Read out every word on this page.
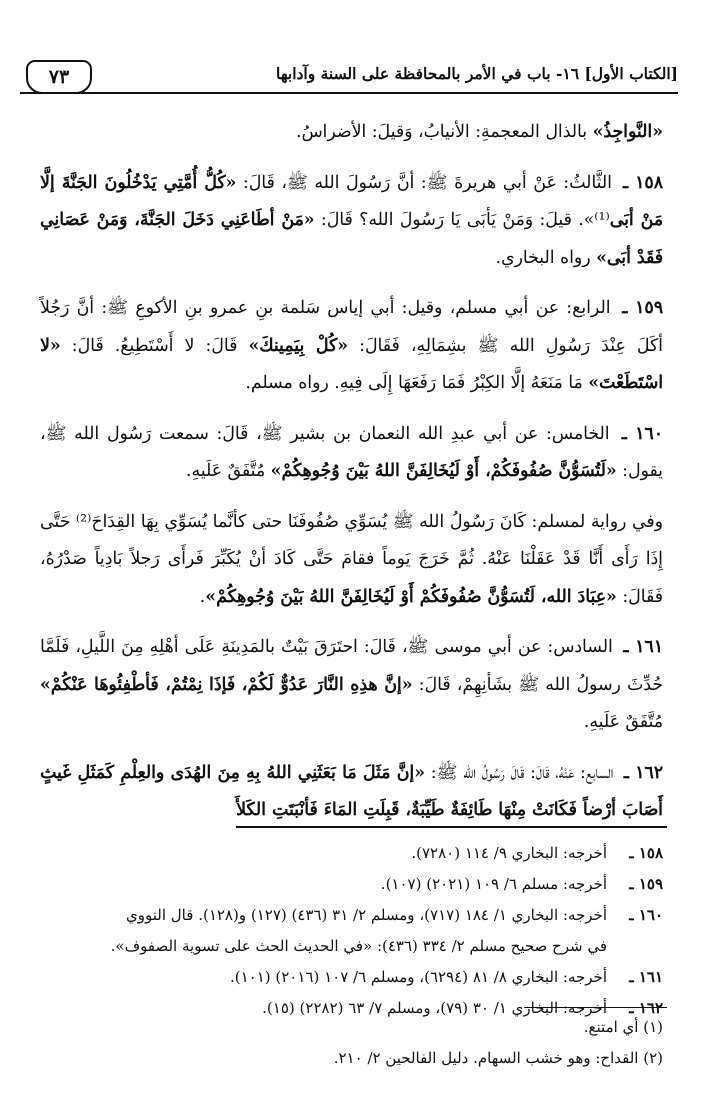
[الكتاب الأول] ١٦- باب في الأمر بالمحافظة على السنة وآدابها
٧٣

«النَّواجِذُ» بالذال المعجمةِ: الأنيابُ، وَقيلَ: الأضراسُ.

١٥٨ ـ الثَّالثُ: عَنْ أبي هريرةَ ﷺ: أنَّ رَسُولَ الله ﷺ، قَالَ: «كُلُّ أُمَّتِي يَدْخُلُونَ الجَنَّةَ إلَّا مَنْ أبَى⁽¹⁾». قيلَ: وَمَنْ يَأبَى يَا رَسُولَ الله؟ قَالَ: «مَنْ أطَاعَنِي دَخَلَ الجَنَّةَ، وَمَنْ عَصَانِي فَقَدْ أبَى» رواه البخاري.

١٥٩ ـ الرابع: عن أبي مسلم، وقيل: أبي إياس سَلمة بنِ عمرو بنِ الأكوعِ ﷺ: أنَّ رَجُلاً أكَلَ عِنْدَ رَسُولِ الله ﷺ بشِمَالِهِ، فَقَالَ: «كُلْ بِيَمِينكَ» قَالَ: لا أَسْتَطِيعُ. قَالَ: «لا اسْتَطَعْتَ» مَا مَنَعَهُ إلَّا الكِبْرُ فَمَا رَفَعَهَا إِلَى فِيهِ. رواه مسلم.

١٦٠ ـ الخامس: عن أبي عبدِ الله النعمان بن بشير ﷺ، قَالَ: سمعت رَسُول الله ﷺ، يقول: «لَتُسَوُّنَّ صُفُوفَكُمْ، أَوْ لَيُخَالِفَنَّ اللهُ بَيْنَ وُجُوهِكُمْ» مُتَّفَقٌ عَلَيهِ.

وفي رواية لمسلم: كَانَ رَسُولُ الله ﷺ يُسَوِّي صُفُوفَنَا حتى كأنَّما يُسَوِّي بِهَا القِدَاحَ⁽²⁾ حَتَّى إِذَا رَأَى أَنَّا قَدْ عَقَلْنَا عَنْهُ. ثُمَّ خَرَجَ يَوماً فقامَ حَتَّى كَادَ أنْ يُكَبِّرَ فَرأَى رَجلاً بَادِياً صَدْرُهُ، فَقَالَ: «عِبَادَ الله، لَتُسَوُّنَّ صُفُوفَكُمْ أَوْ لَيُخَالِفَنَّ اللهُ بَيْنَ وُجُوهِكُمْ».

١٦١ ـ السادس: عن أبي موسى ﷺ، قَالَ: احتَرَقَ بَيْتٌ بالمَدِينَةِ عَلَى أهْلِهِ مِنَ اللَّيلِ، فَلَمَّا حُدِّثَ رسولُ الله ﷺ بشَأنِهِمْ، قَالَ: «إنَّ هذِهِ النَّارَ عَدُوٌّ لَكُمْ، فَإذَا نِمْتُمْ، فَأطْفِئُوهَا عَنْكُمْ» مُتَّفَقٌ عَلَيهِ.

١٦٢ ـ السابع: عَنْهُ، قَالَ: قَالَ رَسُولُ الله ﷺ: «إنَّ مَثَلَ مَا بَعَثَنِي اللهُ بِهِ مِنَ الهُدَى والعِلْمِ كَمَثَلِ غَيثٍ أَصَابَ أرْضاً فَكَانَتْ مِنْهَا طَائِفَةٌ طَيِّبَةٌ، قَبِلَتِ المَاءَ فَأنْبَتَتِ الكَلأَ

١٥٨ ـ
أخرجه: البخاري ٩/ ١١٤ (٧٢٨٠).
١٥٩ ـ
أخرجه: مسلم ٦/ ١٠٩ (٢٠٢١) (١٠٧).
١٦٠ ـ
أخرجه: البخاري ١/ ١٨٤ (٧١٧)، ومسلم ٢/ ٣١ (٤٣٦) (١٢٧) و(١٢٨). قال النووي
في شرح صحيح مسلم ٢/ ٣٣٤ (٤٣٦): «في الحديث الحث على تسوية الصفوف».
١٦١ ـ
أخرجه: البخاري ٨/ ٨١ (٦٢٩٤)، ومسلم ٦/ ١٠٧ (٢٠١٦) (١٠١).
١٦٢ ـ
أخرجه: البخاري ١/ ٣٠ (٧٩)، ومسلم ٧/ ٦٣ (٢٢٨٢) (١٥).
(١) أي امتنع.
(٢) القداح: وهو خشب السهام. دليل الفالحين ٢/ ٢١٠.
